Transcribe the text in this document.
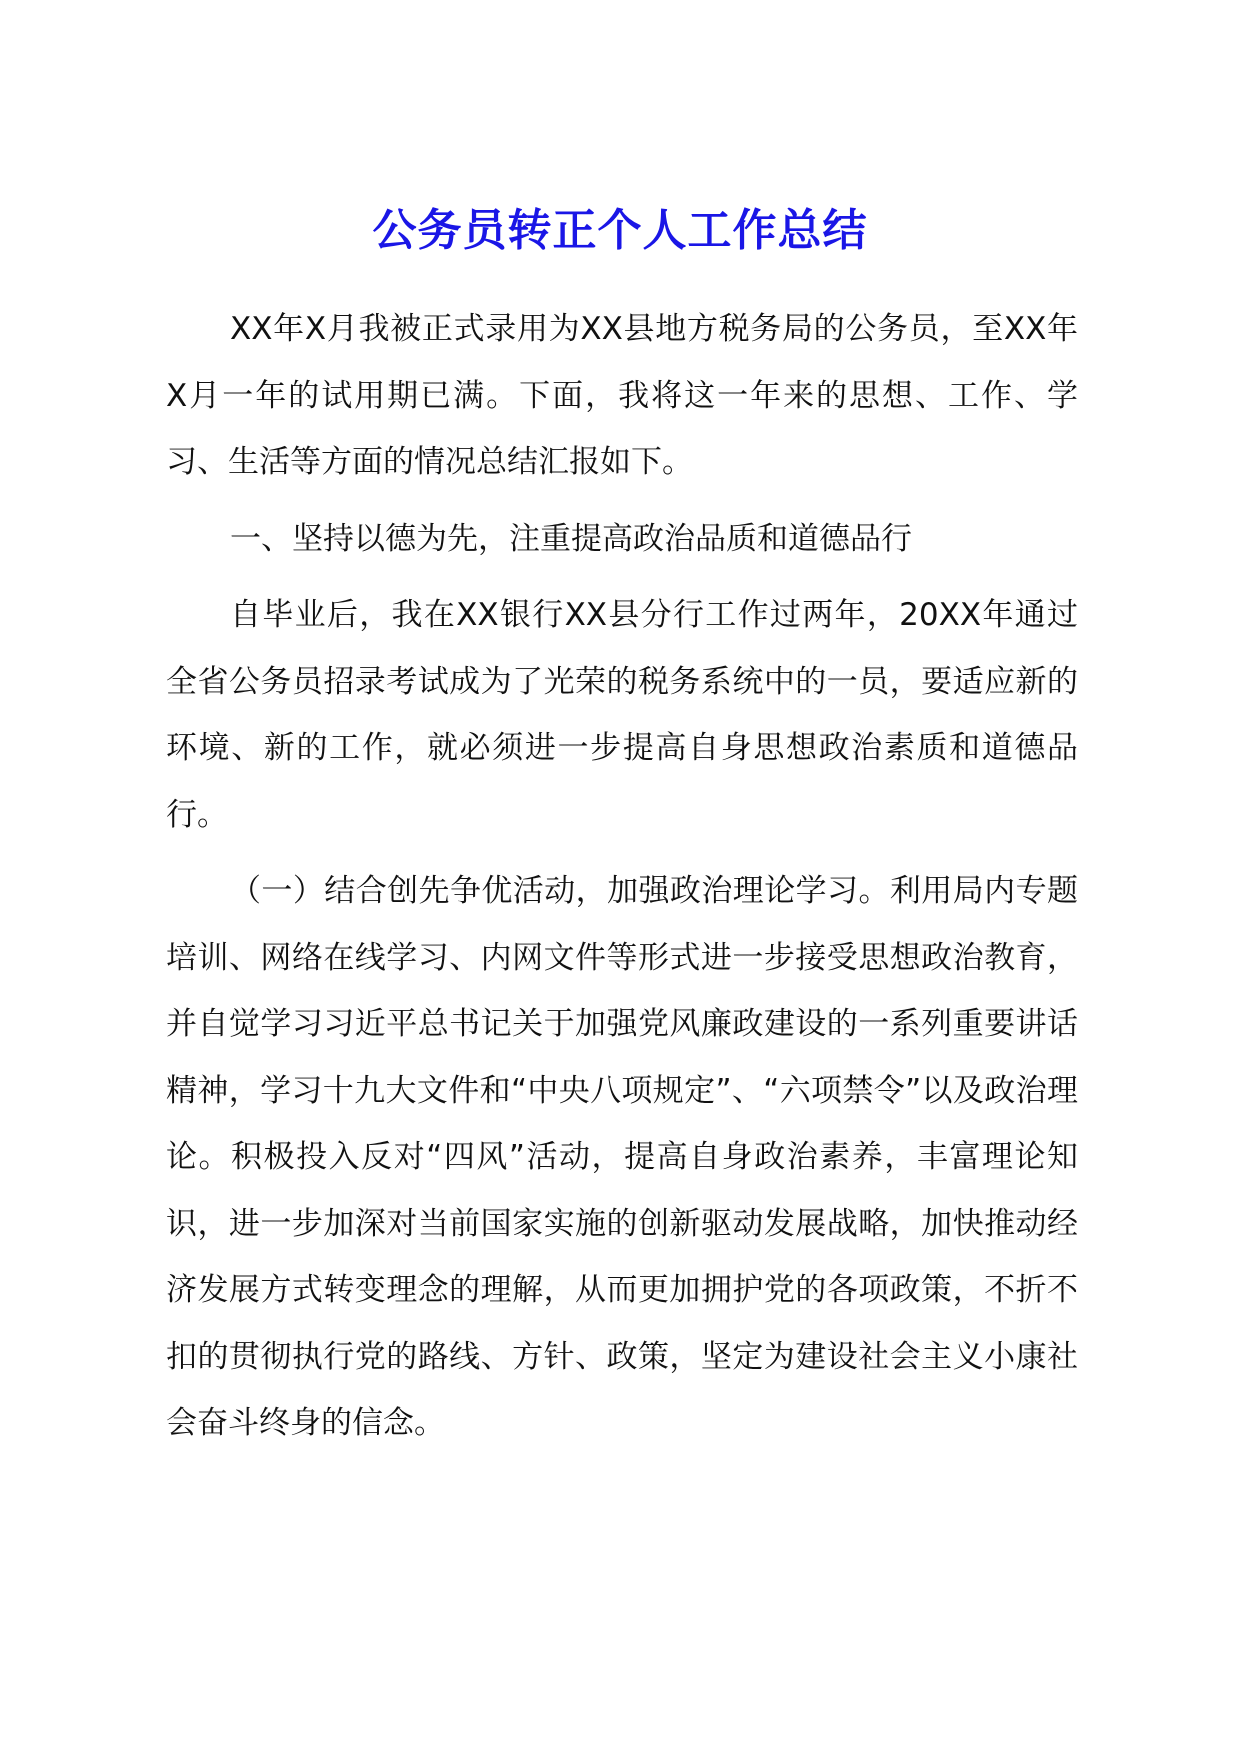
公务员转正个人工作总结

XX年X月我被正式录用为XX县地方税务局的公务员，至XX年X月一年的试用期已满。下面，我将这一年来的思想、工作、学习、生活等方面的情况总结汇报如下。

一、坚持以德为先，注重提高政治品质和道德品行

自毕业后，我在XX银行XX县分行工作过两年，20XX年通过全省公务员招录考试成为了光荣的税务系统中的一员，要适应新的环境、新的工作，就必须进一步提高自身思想政治素质和道德品行。

（一）结合创先争优活动，加强政治理论学习。利用局内专题培训、网络在线学习、内网文件等形式进一步接受思想政治教育，并自觉学习习近平总书记关于加强党风廉政建设的一系列重要讲话精神，学习十九大文件和“中央八项规定”、“六项禁令”以及政治理论。积极投入反对“四风”活动，提高自身政治素养，丰富理论知识，进一步加深对当前国家实施的创新驱动发展战略，加快推动经济发展方式转变理念的理解，从而更加拥护党的各项政策，不折不扣的贯彻执行党的路线、方针、政策，坚定为建设社会主义小康社会奋斗终身的信念。
